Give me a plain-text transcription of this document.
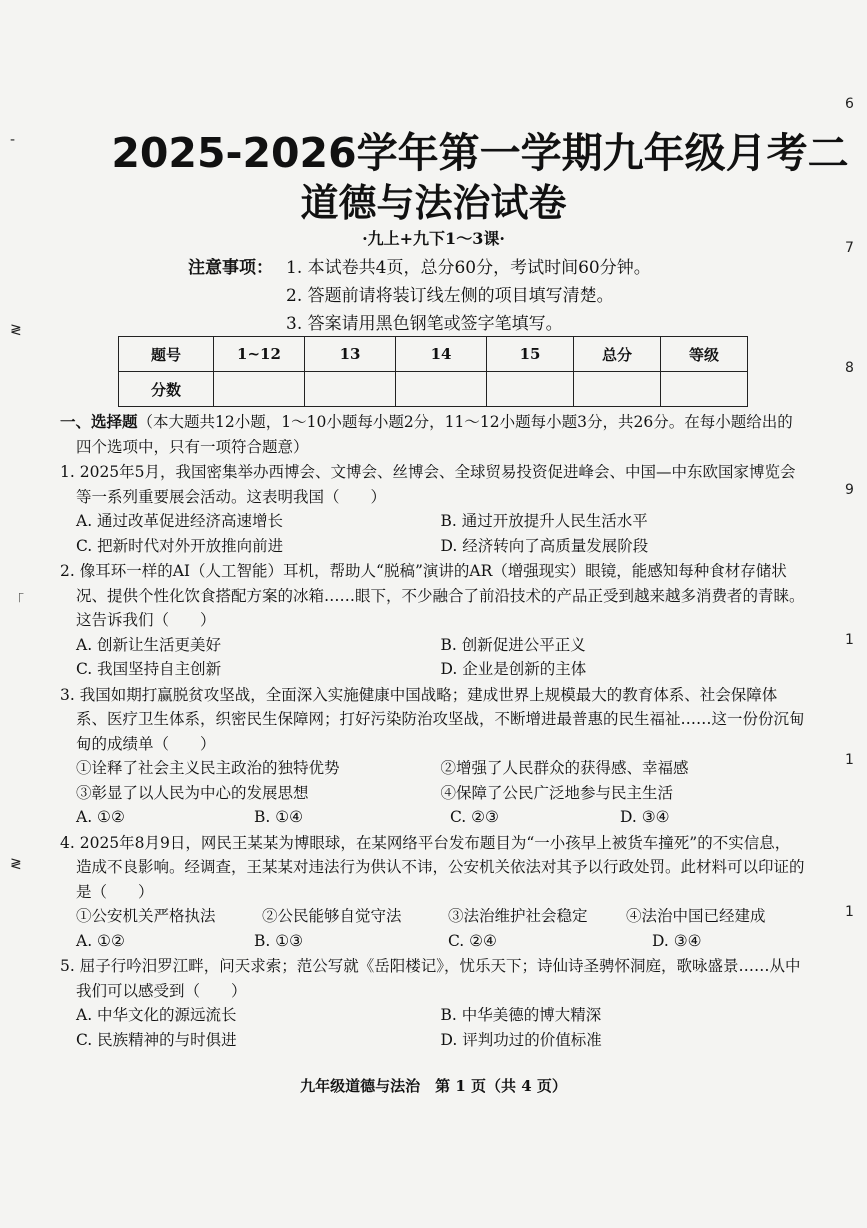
6
7
8
9
1
1
1
-
≷
「
≷
2025-2026学年第一学期九年级月考二
道德与法治试卷
·九上+九下1～3课·
注意事项： 1. 本试卷共4页，总分60分，考试时间60分钟。
2. 答题前请将装订线左侧的项目填写清楚。
3. 答案请用黑色钢笔或签字笔填写。
题号	1~12	13	14	15	总分	等级
分数						
一、选择题（本大题共12小题，1～10小题每小题2分，11～12小题每小题3分，共26分。在每小题给出的四个选项中，只有一项符合题意）
1. 2025年5月，我国密集举办西博会、文博会、丝博会、全球贸易投资促进峰会、中国—中东欧国家博览会等一系列重要展会活动。这表明我国（　　）
A. 通过改革促进经济高速增长	B. 通过开放提升人民生活水平
C. 把新时代对外开放推向前进	D. 经济转向了高质量发展阶段
2. 像耳环一样的AI（人工智能）耳机，帮助人“脱稿”演讲的AR（增强现实）眼镜，能感知每种食材存储状况、提供个性化饮食搭配方案的冰箱……眼下，不少融合了前沿技术的产品正受到越来越多消费者的青睐。这告诉我们（　　）
A. 创新让生活更美好	B. 创新促进公平正义
C. 我国坚持自主创新	D. 企业是创新的主体
3. 我国如期打赢脱贫攻坚战，全面深入实施健康中国战略；建成世界上规模最大的教育体系、社会保障体系、医疗卫生体系，织密民生保障网；打好污染防治攻坚战，不断增进最普惠的民生福祉……这一份份沉甸甸的成绩单（　　）
①诠释了社会主义民主政治的独特优势	②增强了人民群众的获得感、幸福感
③彰显了以人民为中心的发展思想	④保障了公民广泛地参与民主生活
A. ①②	B. ①④	C. ②③	D. ③④
4. 2025年8月9日，网民王某某为博眼球，在某网络平台发布题目为“一小孩早上被货车撞死”的不实信息，造成不良影响。经调查，王某某对违法行为供认不讳，公安机关依法对其予以行政处罚。此材料可以印证的是（　　）
①公安机关严格执法	②公民能够自觉守法	③法治维护社会稳定	④法治中国已经建成
A. ①②	B. ①③	C. ②④	D. ③④
5. 屈子行吟汨罗江畔，问天求索；范公写就《岳阳楼记》，忧乐天下；诗仙诗圣骋怀洞庭，歌咏盛景……从中我们可以感受到（　　）
A. 中华文化的源远流长	B. 中华美德的博大精深
C. 民族精神的与时俱进	D. 评判功过的价值标准
九年级道德与法治　第 1 页（共 4 页）
